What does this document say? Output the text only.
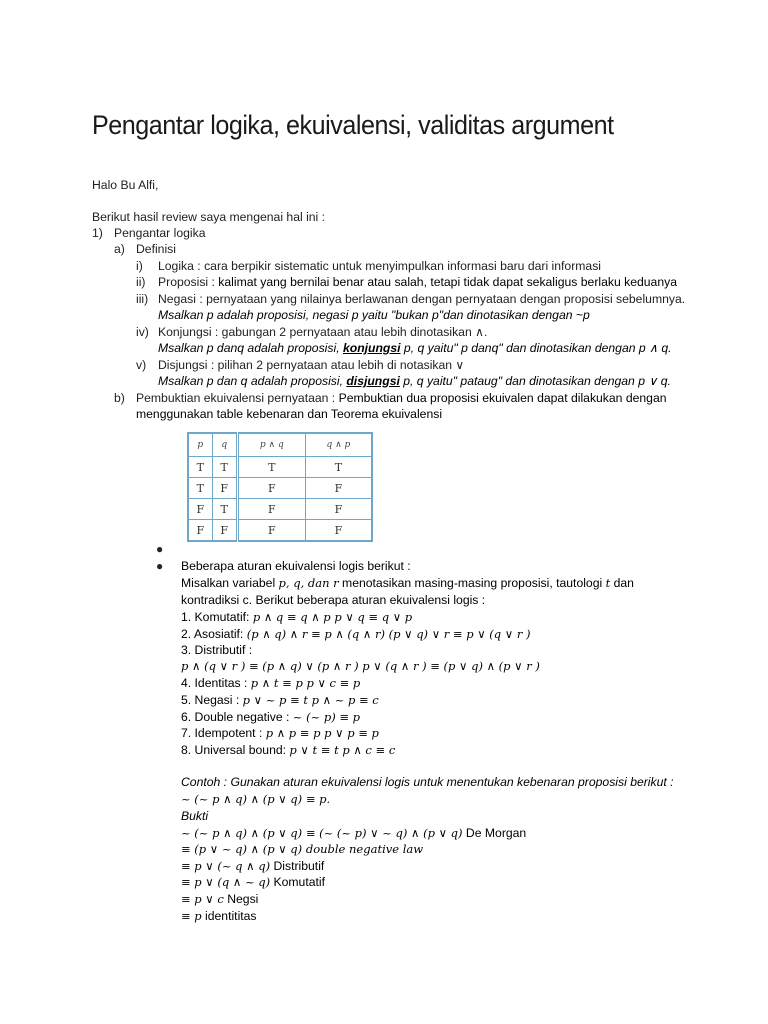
Pengantar logika, ekuivalensi, validitas argument
Halo Bu Alfi,
Berikut hasil review saya mengenai hal ini :
1) Pengantar logika
a) Definisi
i) Logika : cara berpikir sistematic untuk menyimpulkan informasi baru dari informasi
ii) Proposisi : kalimat yang bernilai benar atau salah, tetapi tidak dapat sekaligus berlaku keduanya
iii) Negasi : pernyataan yang nilainya berlawanan dengan pernyataan dengan proposisi sebelumnya.
Msalkan p adalah proposisi, negasi p yaitu "bukan p"dan dinotasikan dengan ~p
iv) Konjungsi : gabungan 2 pernyataan atau lebih dinotasikan ∧.
Msalkan p danq adalah proposisi, konjungsi p, q yaitu" p danq" dan dinotasikan dengan p ∧ q.
v) Disjungsi : pilihan 2 pernyataan atau lebih di notasikan ∨
Msalkan p dan q adalah proposisi, disjungsi p, q yaitu" pataug" dan dinotasikan dengan p ∨ q.
b) Pembuktian ekuivalensi pernyataan : Pembuktian dua proposisi ekuivalen dapat dilakukan dengan
menggunakan table kebenaran dan Teorema ekuivalensi
p	q	p ∧ q	q ∧ p
T	T	T	T
T	F	F	F
F	T	F	F
F	F	F	F
●
● Beberapa aturan ekuivalensi logis berikut :
Misalkan variabel p, q, dan r menotasikan masing-masing proposisi, tautologi t dan
kontradiksi c. Berikut beberapa aturan ekuivalensi logis :
1. Komutatif: p ∧ q ≡ q ∧ p p ∨ q ≡ q ∨ p
2. Asosiatif: (p ∧ q) ∧ r ≡ p ∧ (q ∧ r) (p ∨ q) ∨ r ≡ p ∨ (q ∨ r )
3. Distributif :
p ∧ (q ∨ r ) ≡ (p ∧ q) ∨ (p ∧ r ) p ∨ (q ∧ r ) ≡ (p ∨ q) ∧ (p ∨ r )
4. Identitas : p ∧ t ≡ p p ∨ c ≡ p
5. Negasi : p ∨ ~ p ≡ t p ∧ ~ p ≡ c
6. Double negative : ~ (~ p) ≡ p
7. Idempotent : p ∧ p ≡ p p ∨ p ≡ p
8. Universal bound: p ∨ t ≡ t p ∧ c ≡ c
Contoh : Gunakan aturan ekuivalensi logis untuk menentukan kebenaran proposisi berikut :
~ (~ p ∧ q) ∧ (p ∨ q) ≡ p.
Bukti
~ (~ p ∧ q) ∧ (p ∨ q) ≡ (~ (~ p) ∨ ~ q) ∧ (p ∨ q) De Morgan
≡ (p ∨ ~ q) ∧ (p ∨ q) double negative law
≡ p ∨ (~ q ∧ q) Distributif
≡ p ∨ (q ∧ ~ q) Komutatif
≡ p ∨ c Negsi
≡ p identititas
